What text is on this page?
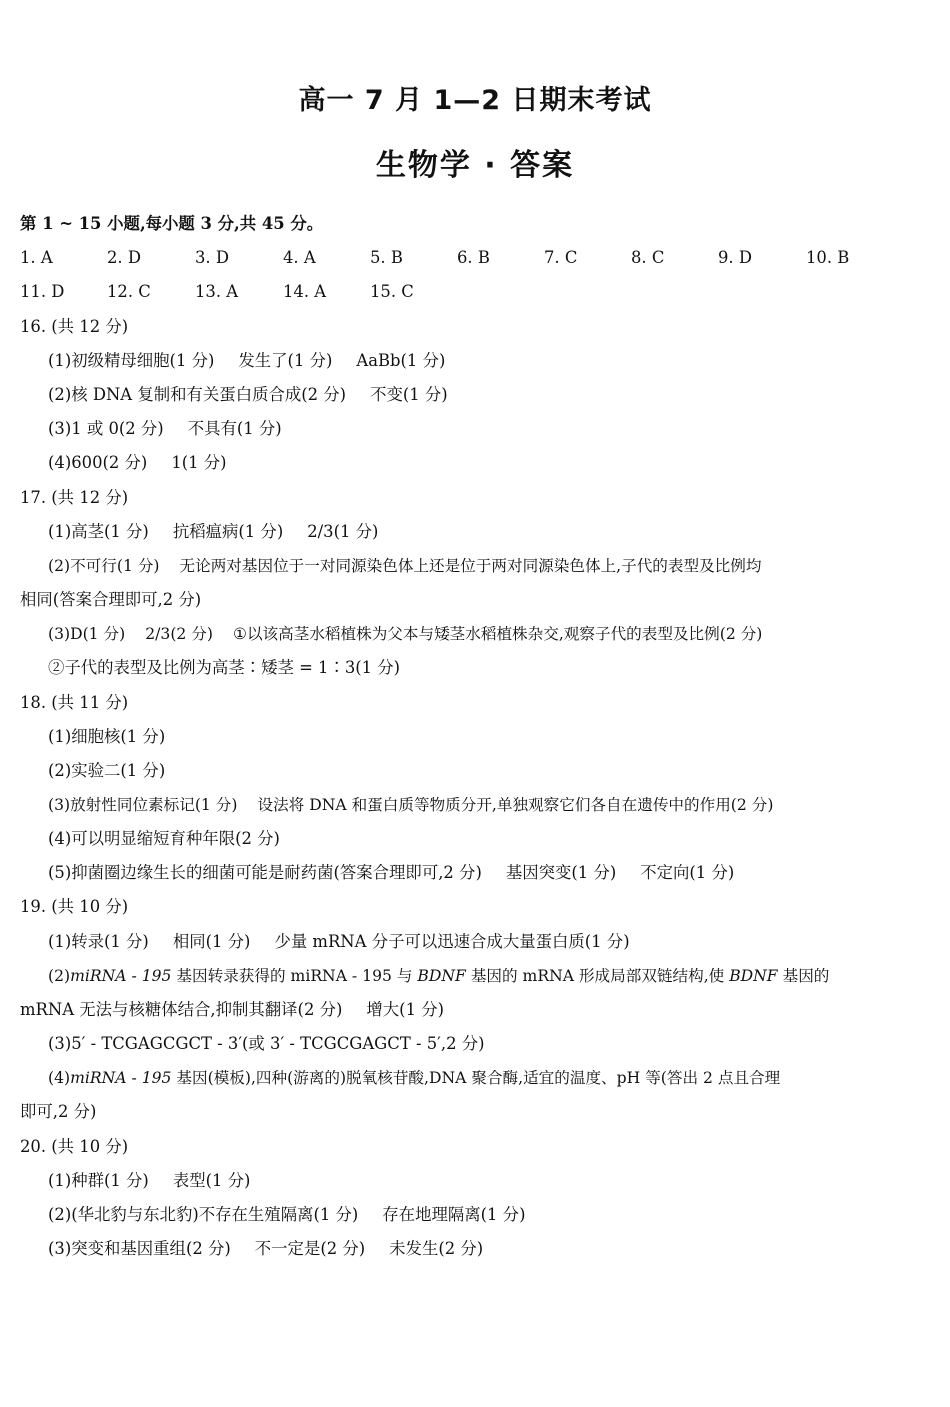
高一 7 月 1—2 日期末考试
生物学 · 答案
第 1 ~ 15 小题,每小题 3 分,共 45 分。
1. A	2. D	3. D	4. A	5. B	6. B	7. C	8. C	9. D	10. B
11. D	12. C	13. A	14. A	15. C
16. (共 12 分)
(1)初级精母细胞(1 分) 发生了(1 分) AaBb(1 分)
(2)核 DNA 复制和有关蛋白质合成(2 分) 不变(1 分)
(3)1 或 0(2 分) 不具有(1 分)
(4)600(2 分) 1(1 分)
17. (共 12 分)
(1)高茎(1 分) 抗稻瘟病(1 分) 2/3(1 分)
(2)不可行(1 分) 无论两对基因位于一对同源染色体上还是位于两对同源染色体上,子代的表型及比例均
相同(答案合理即可,2 分)
(3)D(1 分) 2/3(2 分) ①以该高茎水稻植株为父本与矮茎水稻植株杂交,观察子代的表型及比例(2 分)
②子代的表型及比例为高茎∶矮茎 = 1∶3(1 分)
18. (共 11 分)
(1)细胞核(1 分)
(2)实验二(1 分)
(3)放射性同位素标记(1 分) 设法将 DNA 和蛋白质等物质分开,单独观察它们各自在遗传中的作用(2 分)
(4)可以明显缩短育种年限(2 分)
(5)抑菌圈边缘生长的细菌可能是耐药菌(答案合理即可,2 分) 基因突变(1 分) 不定向(1 分)
19. (共 10 分)
(1)转录(1 分) 相同(1 分) 少量 mRNA 分子可以迅速合成大量蛋白质(1 分)
(2)miRNA - 195 基因转录获得的 miRNA - 195 与 BDNF 基因的 mRNA 形成局部双链结构,使 BDNF 基因的
mRNA 无法与核糖体结合,抑制其翻译(2 分) 增大(1 分)
(3)5′ - TCGAGCGCT - 3′(或 3′ - TCGCGAGCT - 5′,2 分)
(4)miRNA - 195 基因(模板),四种(游离的)脱氧核苷酸,DNA 聚合酶,适宜的温度、pH 等(答出 2 点且合理
即可,2 分)
20. (共 10 分)
(1)种群(1 分) 表型(1 分)
(2)(华北豹与东北豹)不存在生殖隔离(1 分) 存在地理隔离(1 分)
(3)突变和基因重组(2 分) 不一定是(2 分) 未发生(2 分)
